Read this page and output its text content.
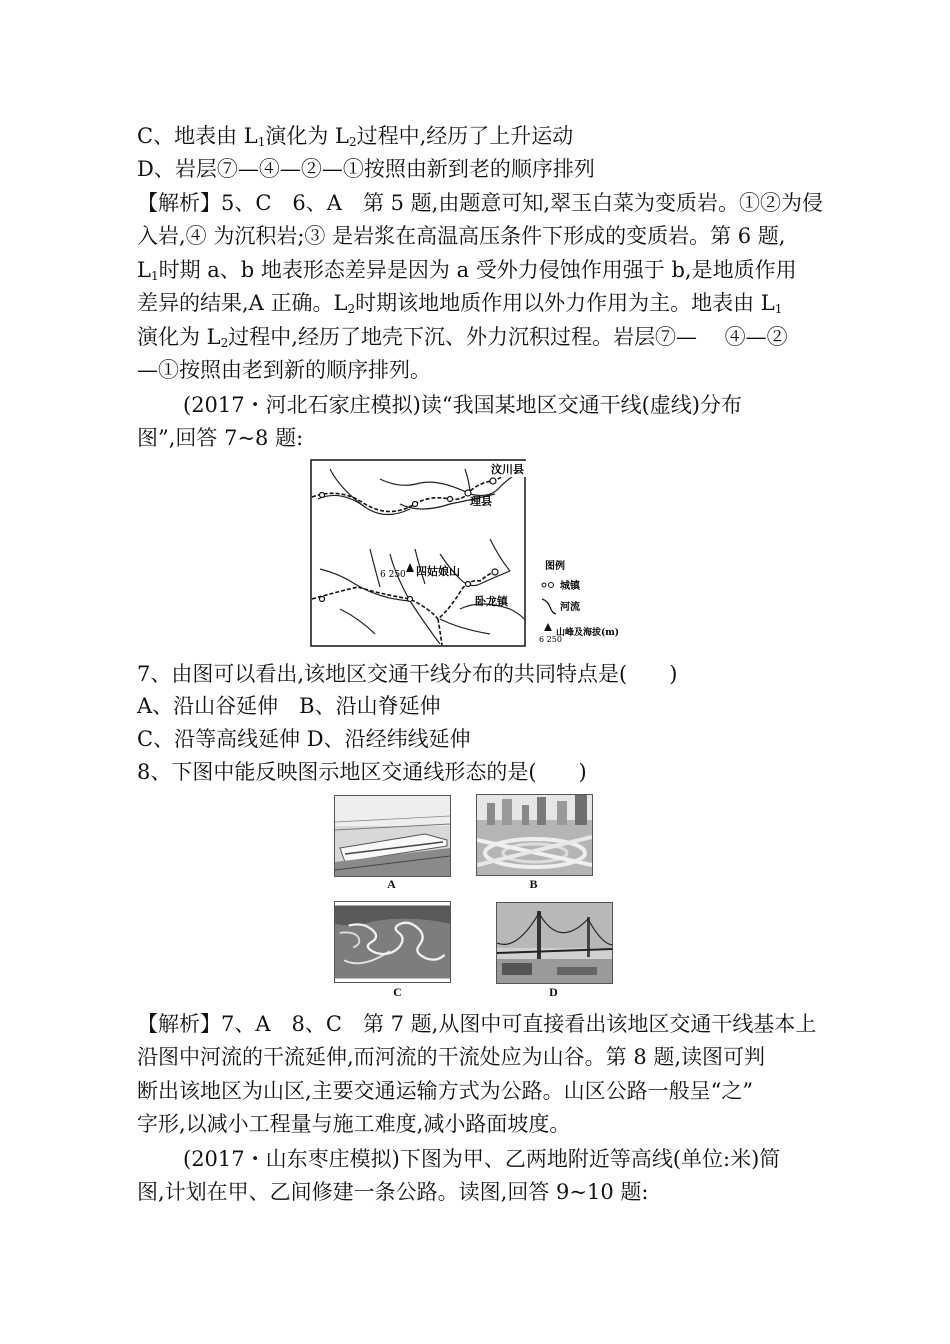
C、地表由 $L_1$演化为 $L_2$过程中,经历了上升运动
D、岩层⑦—④—②—①按照由新到老的顺序排列
【解析】5、C　6、A　第 5 题,由题意可知,翠玉白菜为变质岩。①②为侵
入岩,④ 为沉积岩;③ 是岩浆在高温高压条件下形成的变质岩。第 6 题,
$L_1$时期 a、b 地表形态差异是因为 a 受外力侵蚀作用强于 b,是地质作用
差异的结果,A 正确。$L_2$时期该地地质作用以外力作用为主。地表由 $L_1$
演化为 $L_2$过程中,经历了地壳下沉、外力沉积过程。岩层⑦—　 ④—②
—①按照由老到新的顺序排列。
(2017・河北石家庄模拟)读“我国某地区交通干线(虚线)分布
图”,回答 7~8 题:
汶川县
理县
6 250 四姑娘山
卧龙镇
图例
城镇
河流
6 250
山峰及海拔(m)
7、由图可以看出,该地区交通干线分布的共同特点是(　　)
A、沿山谷延伸　B、沿山脊延伸
C、沿等高线延伸 D、沿经纬线延伸
8、下图中能反映图示地区交通线形态的是(　　)
A	B
C	D
【解析】7、A　8、C　第 7 题,从图中可直接看出该地区交通干线基本上
沿图中河流的干流延伸,而河流的干流处应为山谷。第 8 题,读图可判
断出该地区为山区,主要交通运输方式为公路。山区公路一般呈“之”
字形,以减小工程量与施工难度,减小路面坡度。
(2017・山东枣庄模拟)下图为甲、乙两地附近等高线(单位:米)简
图,计划在甲、乙间修建一条公路。读图,回答 9~10 题:
